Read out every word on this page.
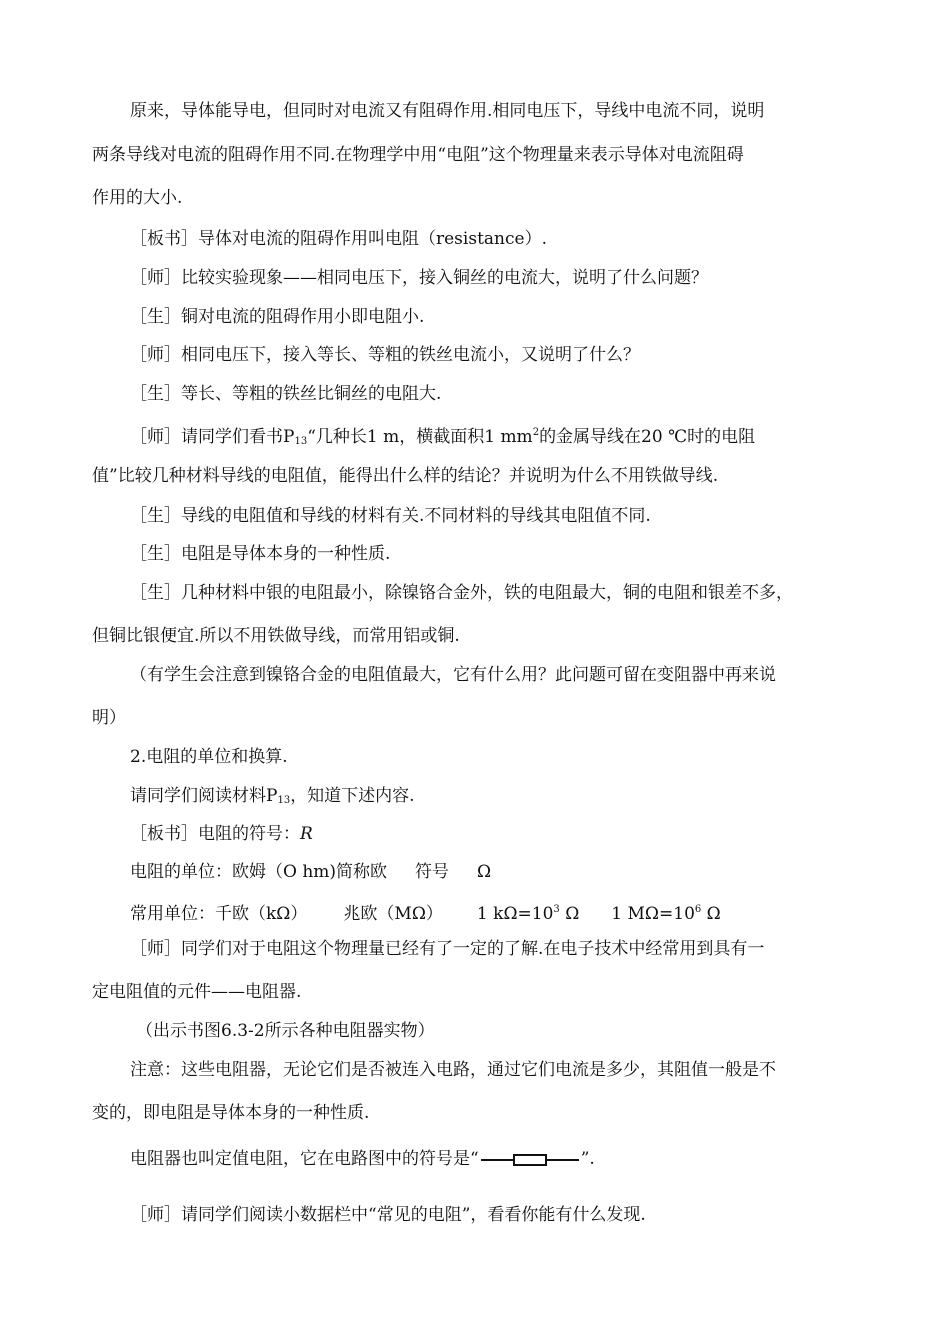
原来，导体能导电，但同时对电流又有阻碍作用.相同电压下，导线中电流不同，说明
两条导线对电流的阻碍作用不同.在物理学中用“电阻”这个物理量来表示导体对电流阻碍
作用的大小.
［板书］导体对电流的阻碍作用叫电阻（resistance）.
［师］比较实验现象——相同电压下，接入铜丝的电流大，说明了什么问题？
［生］铜对电流的阻碍作用小即电阻小.
［师］相同电压下，接入等长、等粗的铁丝电流小，又说明了什么？
［生］等长、等粗的铁丝比铜丝的电阻大.
［师］请同学们看书$P_{13}“$几种长1 m，横截面积1 $mm^2$的金属导线在20 ℃时的电阻
值”比较几种材料导线的电阻值，能得出什么样的结论？并说明为什么不用铁做导线.
［生］导线的电阻值和导线的材料有关.不同材料的导线其电阻值不同.
［生］电阻是导体本身的一种性质.
［生］几种材料中银的电阻最小，除镍铬合金外，铁的电阻最大，铜的电阻和银差不多，
但铜比银便宜.所以不用铁做导线，而常用铝或铜.
（有学生会注意到镍铬合金的电阻值最大，它有什么用？此问题可留在变阻器中再来说
明）
2.电阻的单位和换算.
请同学们阅读材料$P_{13}$，知道下述内容.
［板书］电阻的符号：R
电阻的单位：欧姆（O hm)简称欧 符号 Ω
常用单位：千欧（kΩ） 兆欧（MΩ） 1 $k\Omega=10^3$ Ω 1 $M\Omega=10^6$ Ω
［师］同学们对于电阻这个物理量已经有了一定的了解.在电子技术中经常用到具有一
定电阻值的元件——电阻器.
（出示书图6.3-2所示各种电阻器实物）
注意：这些电阻器，无论它们是否被连入电路，通过它们电流是多少，其阻值一般是不
变的，即电阻是导体本身的一种性质.
电阻器也叫定值电阻，它在电路图中的符号是“	”.
［师］请同学们阅读小数据栏中“常见的电阻”，看看你能有什么发现.
